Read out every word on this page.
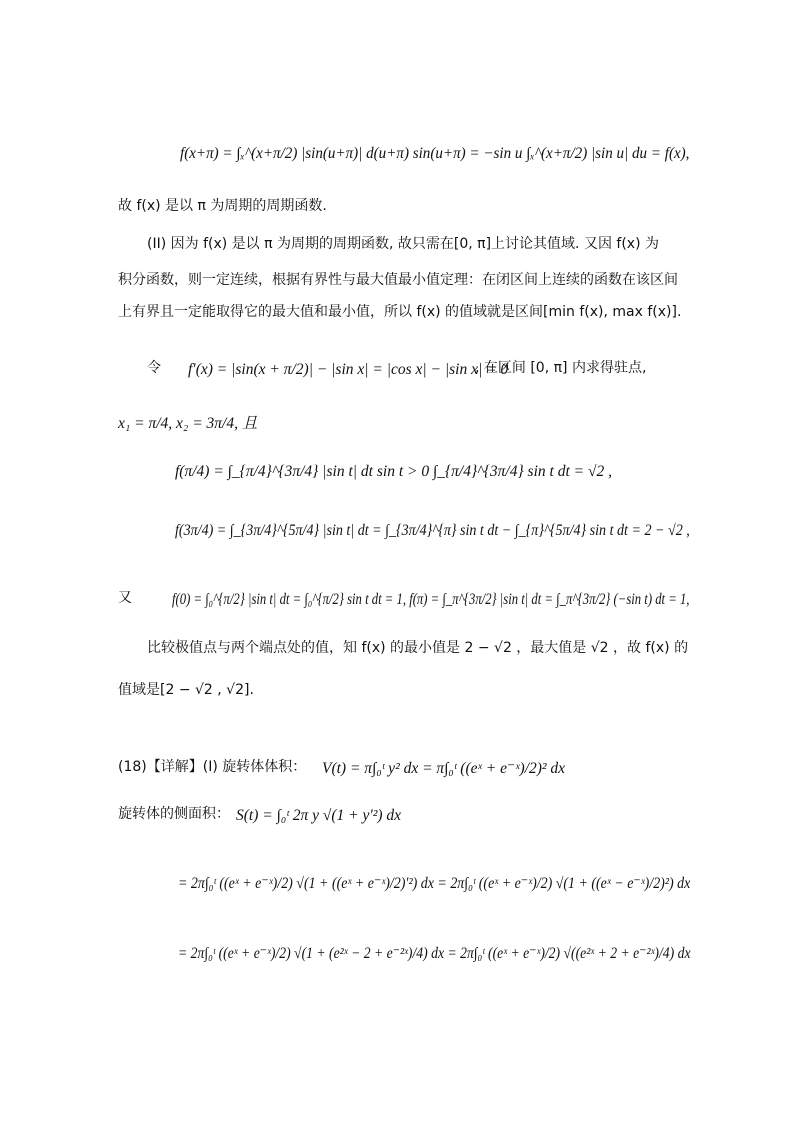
f(x+π) = ∫ₓ^(x+π/2) |sin(u+π)| d(u+π) sin(u+π) = −sin u ∫ₓ^(x+π/2) |sin u| du = f(x),
故 f(x) 是以 π 为周期的周期函数.
(II) 因为 f(x) 是以 π 为周期的周期函数, 故只需在[0, π]上讨论其值域. 又因 f(x) 为
积分函数，则一定连续，根据有界性与最大值最小值定理：在闭区间上连续的函数在该区间
上有界且一定能取得它的最大值和最小值，所以 f(x) 的值域就是区间[min f(x), max f(x)].
令 f′(x) = |sin(x + π/2)| − |sin x| = |cos x| − |sin x| = 0
, 在区间 [0, π] 内求得驻点,
x₁ = π/4, x₂ = 3π/4, 且
f(π/4) = ∫_{π/4}^{3π/4} |sin t| dt sin t > 0 ∫_{π/4}^{3π/4} sin t dt = √2 ,
f(3π/4) = ∫_{3π/4}^{5π/4} |sin t| dt = ∫_{3π/4}^{π} sin t dt − ∫_{π}^{5π/4} sin t dt = 2 − √2 ,
又	f(0) = ∫₀^{π/2} |sin t| dt = ∫₀^{π/2} sin t dt = 1, f(π) = ∫_π^{3π/2} |sin t| dt = ∫_π^{3π/2} (−sin t) dt = 1,
比较极值点与两个端点处的值，知 f(x) 的最小值是 2 − √2 ，最大值是 √2 ，故 f(x) 的
值域是[2 − √2 , √2].
(18)【详解】(I) 旋转体体积： V(t) = π∫₀ᵗ y² dx = π∫₀ᵗ ((eˣ + e⁻ˣ)/2)² dx
旋转体的侧面积： S(t) = ∫₀ᵗ 2π y √(1 + y′²) dx
= 2π∫₀ᵗ ((eˣ + e⁻ˣ)/2) √(1 + ((eˣ + e⁻ˣ)/2)′²) dx = 2π∫₀ᵗ ((eˣ + e⁻ˣ)/2) √(1 + ((eˣ − e⁻ˣ)/2)²) dx
= 2π∫₀ᵗ ((eˣ + e⁻ˣ)/2) √(1 + (e²ˣ − 2 + e⁻²ˣ)/4) dx = 2π∫₀ᵗ ((eˣ + e⁻ˣ)/2) √((e²ˣ + 2 + e⁻²ˣ)/4) dx
